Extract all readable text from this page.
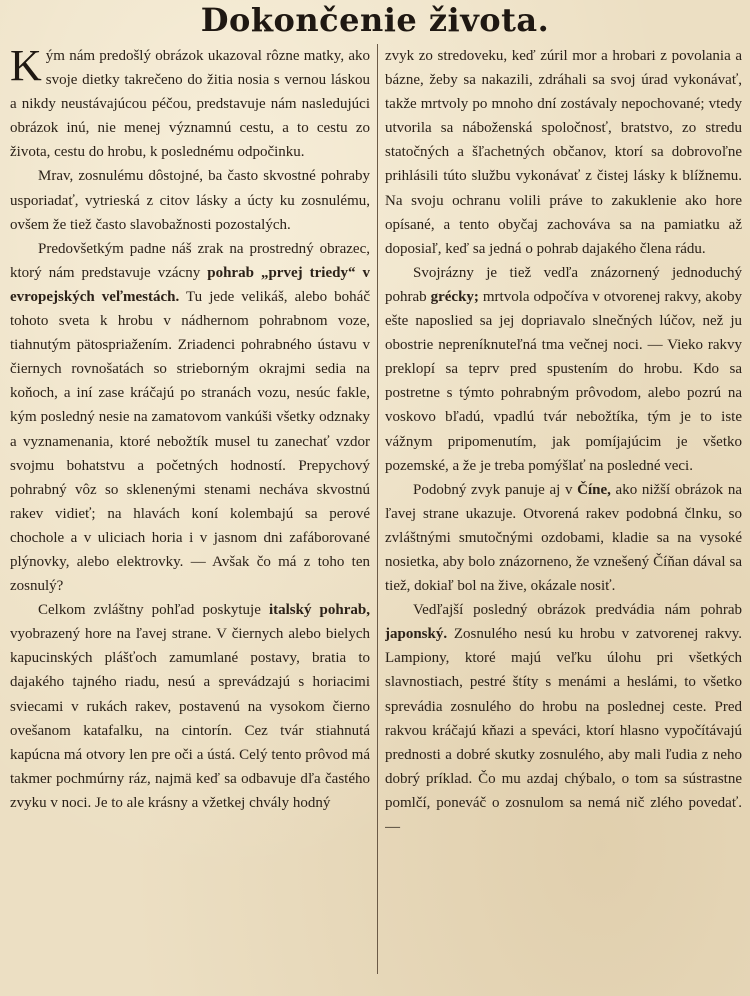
Dokončenie života.

Kým nám predošlý obrázok ukazoval rôzne matky, ako svoje dietky takrečeno do žitia nosia s vernou láskou a nikdy neustávajúcou péčou, predstavuje nám nasledujúci obrázok inú, nie menej významnú cestu, a to cestu zo života, cestu do hrobu, k poslednému odpočinku.

Mrav, zosnulému dôstojné, ba často skvostné pohraby usporiadať, vytrieská z citov lásky a úcty ku zosnulému, ovšem že tiež často slavobažnosti pozostalých.

Predovšetkým padne náš zrak na prostredný obrazec, ktorý nám predstavuje vzácny pohrab „prvej triedy“ v evropejských veľmestách. Tu jede velikáš, alebo boháč tohoto sveta k hrobu v nádhernom pohrabnom voze, tiahnutým pätospriažením. Zriadenci pohrabného ústavu v čiernych rovnošatách so strieborným okrajmi sedia na koňoch, a iní zase kráčajú po stranách vozu, nesúc fakle, kým posledný nesie na zamatovom vankúši všetky odznaky a vyznamenania, ktoré nebožtík musel tu zanechať vzdor svojmu bohatstvu a početných hodností. Prepychový pohrabný vôz so sklenenými stenami necháva skvostnú rakev vidieť; na hlavách koní kolembajú sa perové chochole a v uliciach horia i v jasnom dni zafáborované plýnovky, alebo elektrovky. — Avšak čo má z toho ten zosnulý?

Celkom zvláštny pohľad poskytuje italský pohrab, vyobrazený hore na ľavej strane. V čiernych alebo bielych kapucinských plášťoch zamumlané postavy, bratia to dajakého tajného riadu, nesú a sprevádzajú s horiacimi sviecami v rukách rakev, postavenú na vysokom čierno ovešanom katafalku, na cintorín. Cez tvár stiahnutá kapúcna má otvory len pre oči a ústá. Celý tento prôvod má takmer pochmúrny ráz, najmä keď sa odbavuje dľa častého zvyku v noci. Je to ale krásny a vžetkej chvály hodný

zvyk zo stredoveku, keď zúril mor a hrobari z povolania a bázne, žeby sa nakazili, zdráhali sa svoj úrad vykonávať, takže mrtvoly po mnoho dní zostávaly nepochované; vtedy utvorila sa náboženská spoločnosť, bratstvo, zo stredu statočných a šľachetných občanov, ktorí sa dobrovoľne prihlásili túto službu vykonávať z čistej lásky k blížnemu. Na svoju ochranu volili práve to zakuklenie ako hore opísané, a tento obyčaj zachováva sa na pamiatku až doposiaľ, keď sa jedná o pohrab dajakého člena rádu.

Svojrázny je tiež vedľa znázornený jednoduchý pohrab grécky; mrtvola odpočíva v otvorenej rakvy, akoby ešte naposlied sa jej dopriavalo slnečných lúčov, než ju obostrie nepreníknuteľná tma večnej noci. — Vieko rakvy preklopí sa teprv pred spustením do hrobu. Kdo sa postretne s týmto pohrabným prôvodom, alebo pozrú na voskovo bľadú, vpadlú tvár nebožtíka, tým je to iste vážnym pripomenutím, jak pomíjajúcim je všetko pozemské, a že je treba pomýšlať na posledné veci.

Podobný zvyk panuje aj v Číne, ako nižší obrázok na ľavej strane ukazuje. Otvorená rakev podobná člnku, so zvláštnými smutočnými ozdobami, kladie sa na vysoké nosietka, aby bolo znázornenо, že vznešený Číňan dával sa tiež, dokiaľ bol na žive, okázale nosiť.

Vedľajší posledný obrázok predvádia nám pohrab japonský. Zosnulého nesú ku hrobu v zatvorenej rakvy. Lampiony, ktoré majú veľku úlohu pri všetkých slavnostiach, pestré štíty s menámi a heslámi, to všetko sprevádia zosnulého do hrobu na poslednej ceste. Pred rakvou kráčajú kňazi a speváci, ktorí hlasno vypočítávajú prednosti a dobré skutky zosnulého, aby mali ľudia z neho dobrý príklad. Čo mu azdaj chýbalo, o tom sa sústrastne pomlčí, poneváč o zosnulom sa nemá nič zlého povedať. —
